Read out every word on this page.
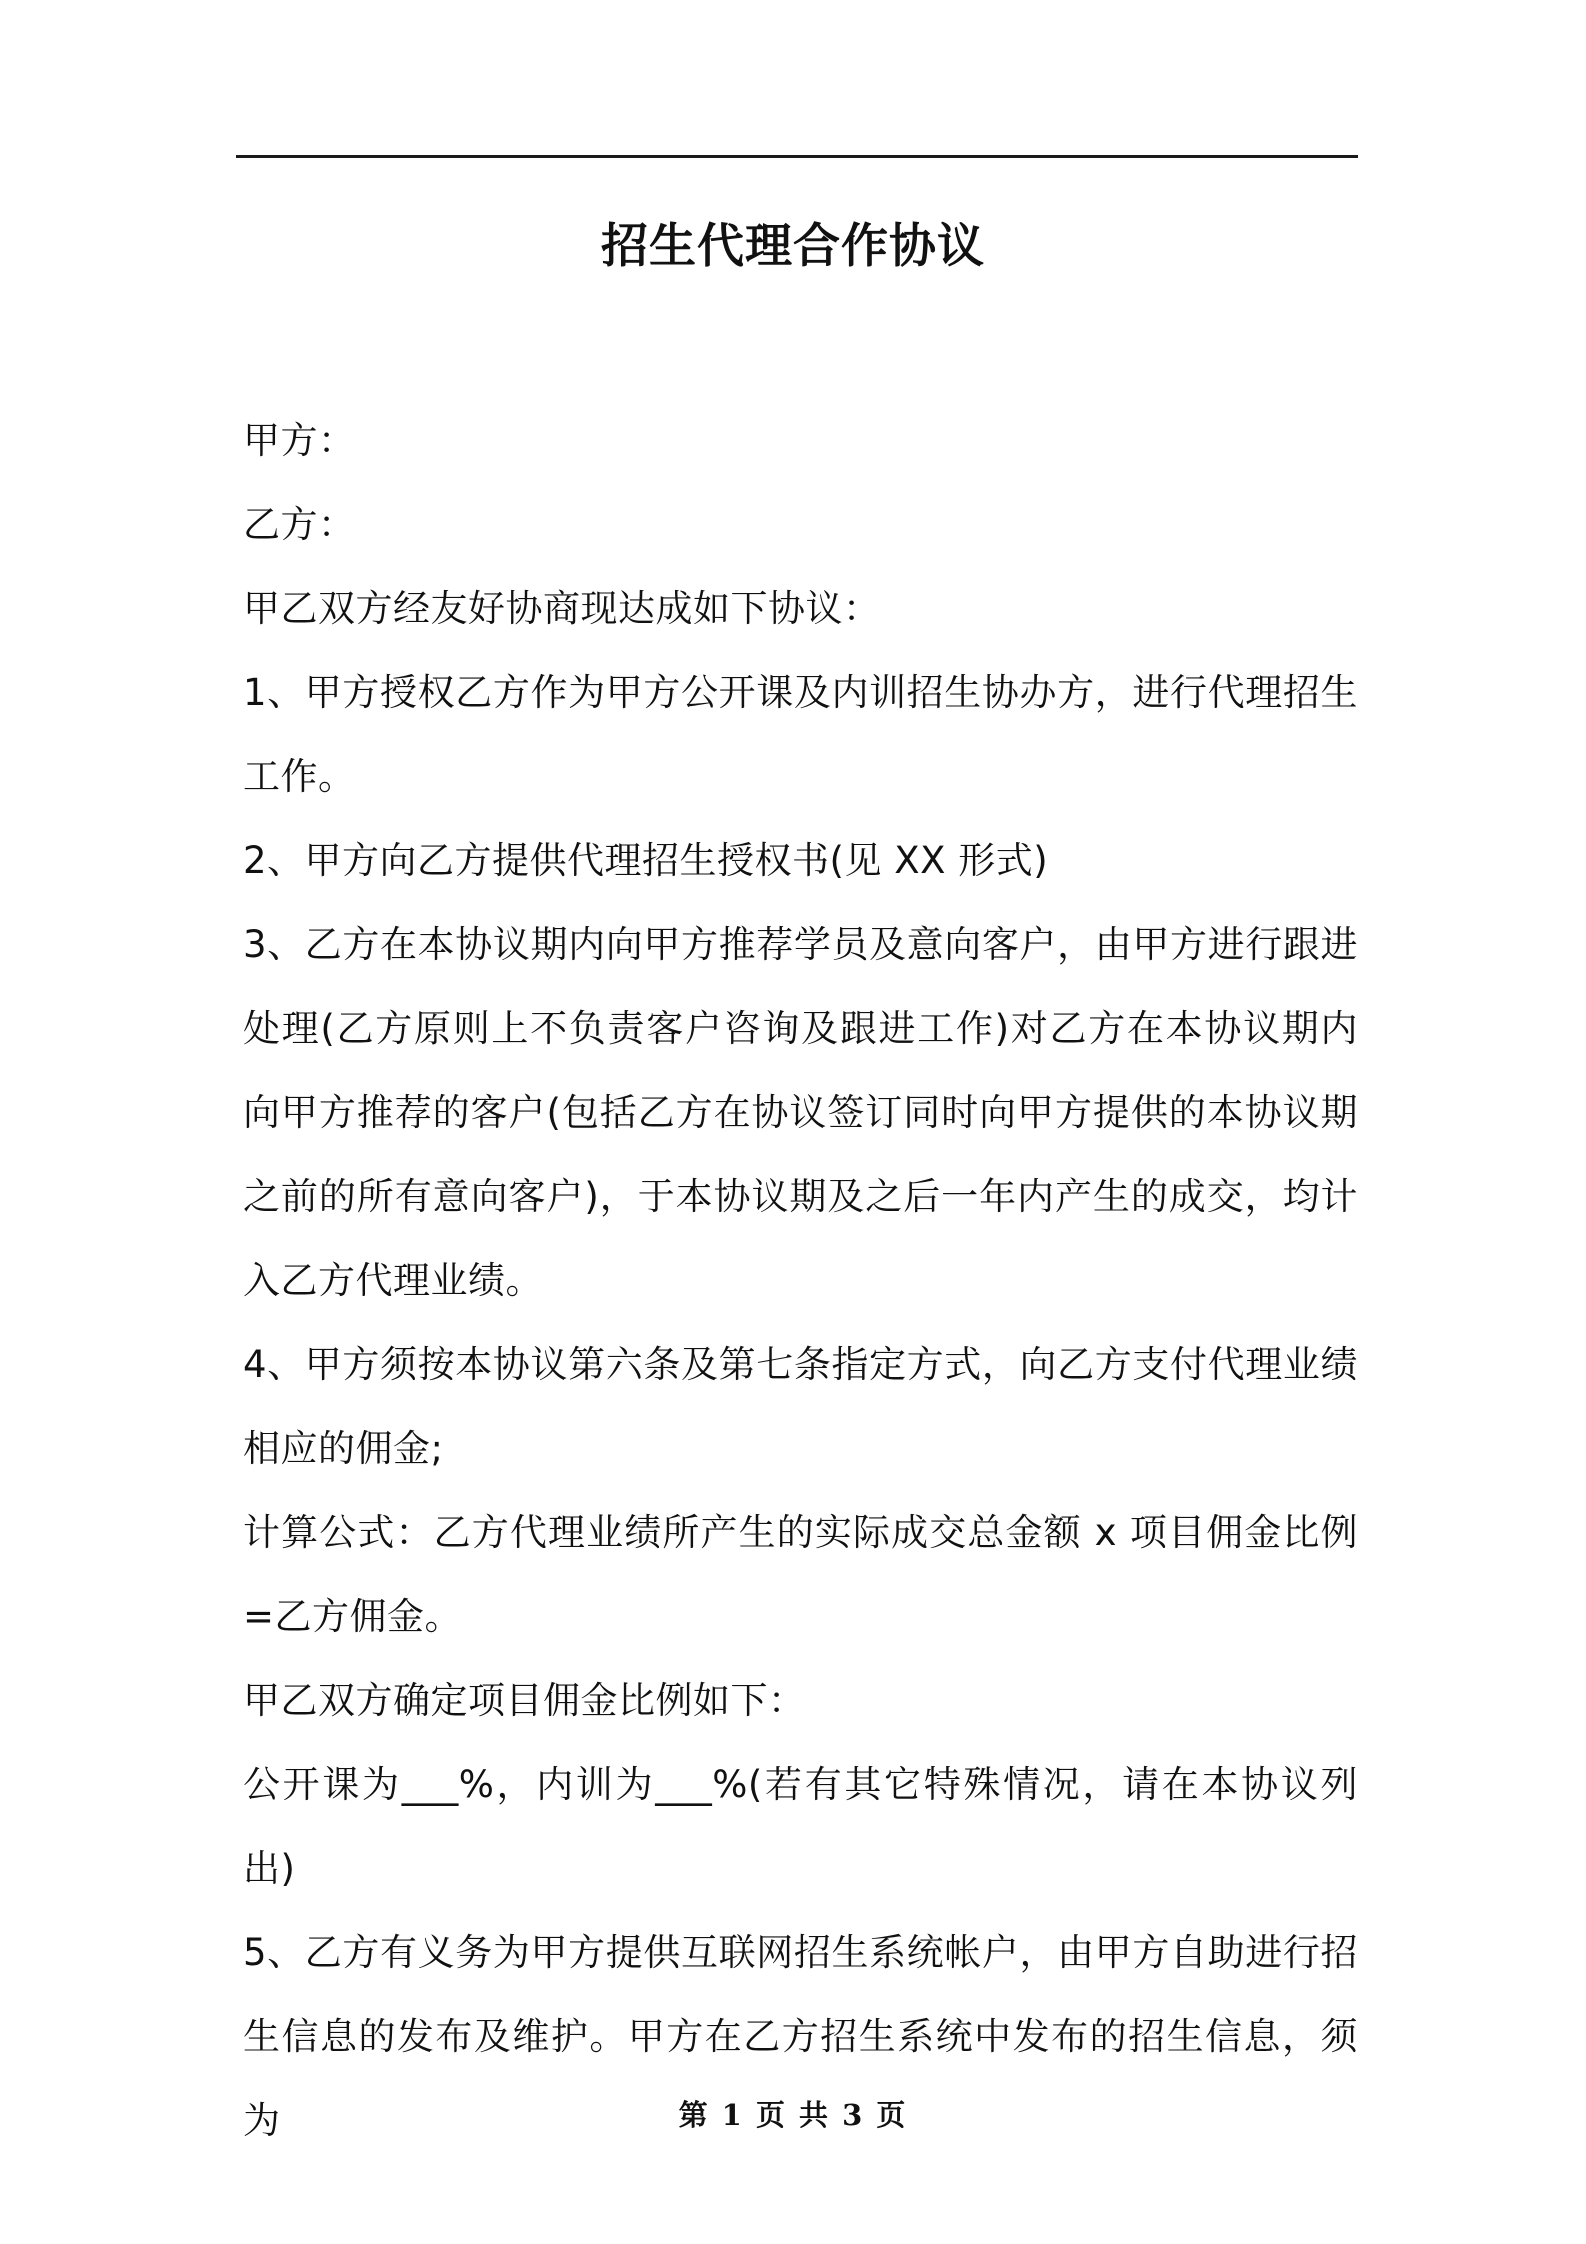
招生代理合作协议

甲方：

乙方：

甲乙双方经友好协商现达成如下协议：

1、甲方授权乙方作为甲方公开课及内训招生协办方，进行代理招生工作。

2、甲方向乙方提供代理招生授权书(见 XX 形式)

3、乙方在本协议期内向甲方推荐学员及意向客户，由甲方进行跟进处理(乙方原则上不负责客户咨询及跟进工作)对乙方在本协议期内向甲方推荐的客户(包括乙方在协议签订同时向甲方提供的本协议期之前的所有意向客户)，于本协议期及之后一年内产生的成交，均计入乙方代理业绩。

4、甲方须按本协议第六条及第七条指定方式，向乙方支付代理业绩相应的佣金;

计算公式：乙方代理业绩所产生的实际成交总金额 x 项目佣金比例=乙方佣金。

甲乙双方确定项目佣金比例如下：

公开课为___%，内训为___%(若有其它特殊情况，请在本协议列出)

5、乙方有义务为甲方提供互联网招生系统帐户，由甲方自助进行招生信息的发布及维护。甲方在乙方招生系统中发布的招生信息，须为	第 1 页 共 3 页
